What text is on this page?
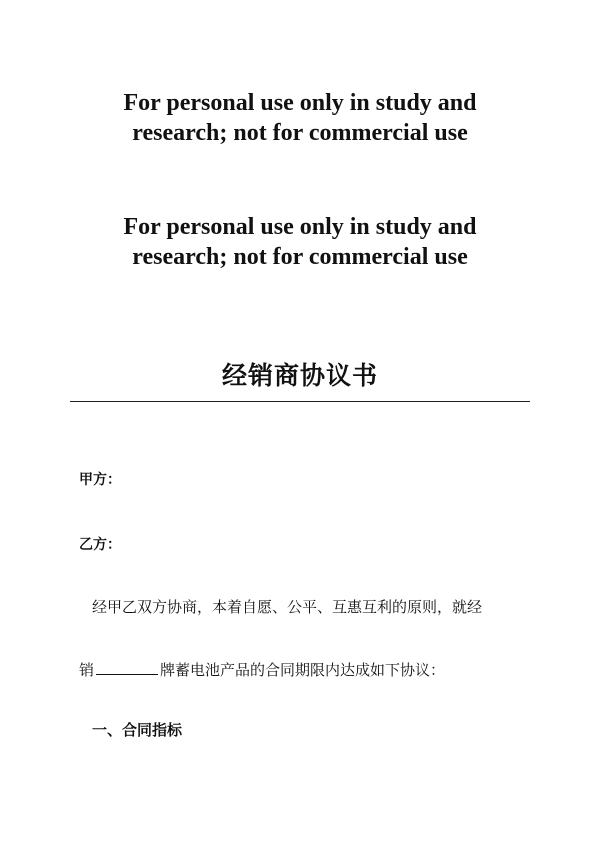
For personal use only in study and
research; not for commercial use
For personal use only in study and
research; not for commercial use
经销商协议书

甲方：

乙方：

经甲乙双方协商，本着自愿、公平、互惠互利的原则，就经

销	牌蓄电池产品的合同期限内达成如下协议：

一、合同指标
